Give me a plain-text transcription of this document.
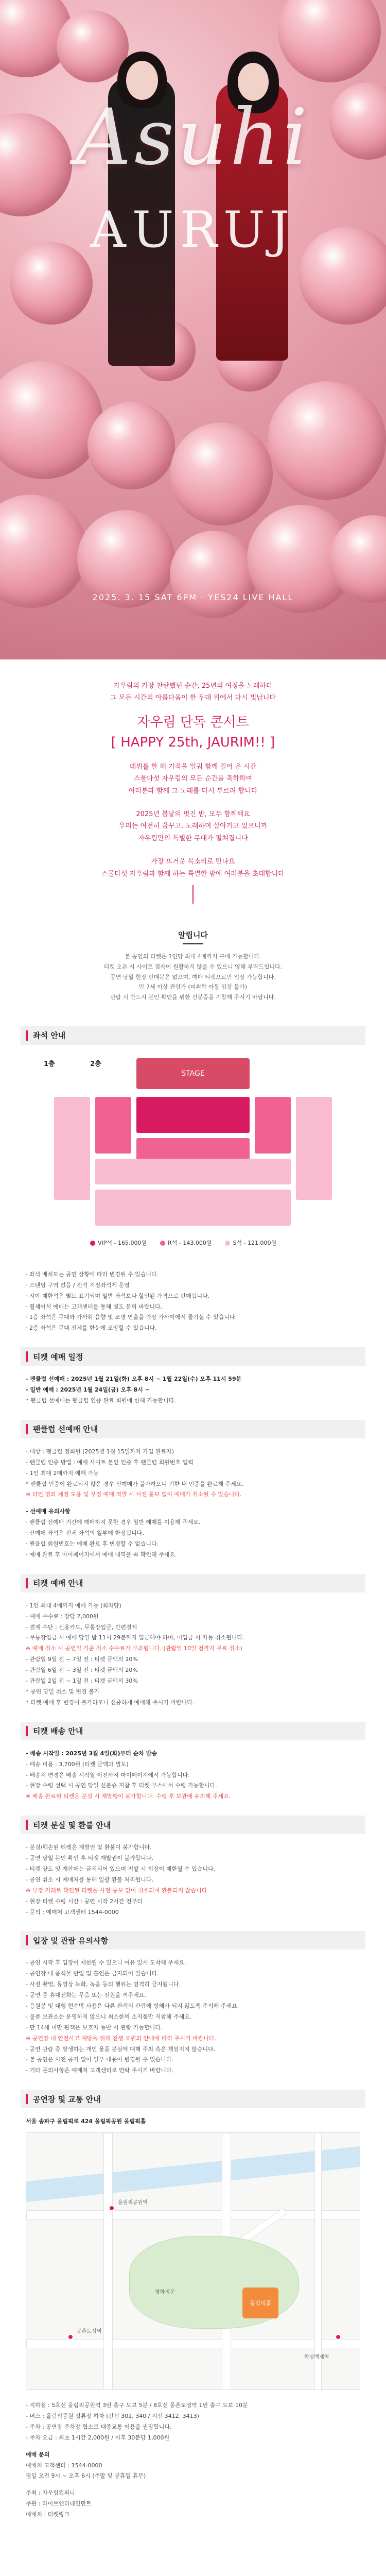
Asuhi
AURUJ
2025. 3. 15 SAT 6PM · YES24 LIVE HALL

자우림의 가장 찬란했던 순간, 25년의 여정을 노래하다

그 모든 시간의 아름다움이 한 무대 위에서 다시 빛납니다

자우림 단독 콘서트
[ HAPPY 25th, JAURIM!! ]

데뷔를 한 해 기적을 일궈 함께 걸어 온 시간

스물다섯 자우림의 모든 순간을 축하하며

여러분과 함께 그 노래를 다시 부르려 합니다

2025년 봄날의 멋진 밤, 모두 함께해요

우리는 여전히 꿈꾸고, 노래하며 살아가고 있으니까

자우림만의 특별한 무대가 펼쳐집니다

가장 뜨거운 목소리로 만나요

스물다섯 자우림과 함께 하는 특별한 밤에 여러분을 초대합니다

알립니다

본 공연의 티켓은 1인당 최대 4매까지 구매 가능합니다.

티켓 오픈 시 사이트 접속이 원활하지 않을 수 있으니 양해 부탁드립니다.

공연 당일 현장 판매분은 없으며, 예매 티켓으로만 입장 가능합니다.

만 7세 이상 관람가 (미취학 아동 입장 불가)

관람 시 반드시 본인 확인을 위한 신분증을 지참해 주시기 바랍니다.

좌석 안내
1층	2층
STAGE
VIP석 - 165,000원	R석 - 143,000원	S석 - 121,000원
· 좌석 배치도는 공연 상황에 따라 변경될 수 있습니다.
· 스탠딩 구역 없음 / 전석 지정좌석제 운영
· 시야 제한석은 별도 표기되며 일반 좌석보다 할인된 가격으로 판매됩니다.
· 휠체어석 예매는 고객센터를 통해 별도 문의 바랍니다.
· 1층 좌석은 무대와 가까워 음향 및 조명 연출을 가장 가까이에서 즐기실 수 있습니다.
· 2층 좌석은 무대 전체를 한눈에 조망할 수 있습니다.
티켓 예매 일정
- 팬클럽 선예매 : 2025년 1월 21일(화) 오후 8시 ~ 1월 22일(수) 오후 11시 59분
- 일반 예매 : 2025년 1월 24일(금) 오후 8시 ~
* 팬클럽 선예매는 팬클럽 인증 완료 회원에 한해 가능합니다.
팬클럽 선예매 안내
- 대상 : 팬클럽 정회원 (2025년 1월 15일까지 가입 완료자)
- 팬클럽 인증 방법 : 예매 사이트 본인 인증 후 팬클럽 회원번호 입력
- 1인 최대 2매까지 예매 가능
* 팬클럽 인증이 완료되지 않은 경우 선예매가 불가하오니 기한 내 인증을 완료해 주세요.
※ 타인 명의 계정 도용 및 부정 예매 적발 시 사전 통보 없이 예매가 취소될 수 있습니다.
- 선예매 유의사항
· 팬클럽 선예매 기간에 예매하지 못한 경우 일반 예매를 이용해 주세요.
· 선예매 좌석은 전체 좌석의 일부에 한정됩니다.
· 팬클럽 회원번호는 예매 완료 후 변경할 수 없습니다.
· 예매 완료 후 마이페이지에서 예매 내역을 꼭 확인해 주세요.
티켓 예매 안내
- 1인 최대 4매까지 예매 가능 (회차당)
- 예매 수수료 : 장당 2,000원
- 결제 수단 : 신용카드, 무통장입금, 간편결제
- 무통장입금 시 예매 당일 밤 11시 29분까지 입금해야 하며, 미입금 시 자동 취소됩니다.
※ 예매 취소 시 공연일 기준 취소 수수료가 부과됩니다. (관람일 10일 전까지 무료 취소)
- 관람일 9일 전 ~ 7일 전 : 티켓 금액의 10%
- 관람일 6일 전 ~ 3일 전 : 티켓 금액의 20%
- 관람일 2일 전 ~ 1일 전 : 티켓 금액의 30%
* 공연 당일 취소 및 변경 불가
* 티켓 예매 후 변경이 불가하오니 신중하게 예매해 주시기 바랍니다.
티켓 배송 안내
- 배송 시작일 : 2025년 3월 4일(화)부터 순차 발송
- 배송 비용 : 3,700원 (티켓 금액과 별도)
- 배송지 변경은 배송 시작일 이전까지 마이페이지에서 가능합니다.
- 현장 수령 선택 시 공연 당일 신분증 지참 후 티켓 부스에서 수령 가능합니다.
※ 배송 완료된 티켓은 분실 시 재발행이 불가합니다. 수령 후 보관에 유의해 주세요.
티켓 분실 및 환불 안내
- 분실/훼손된 티켓은 재발권 및 환불이 불가합니다.
- 공연 당일 본인 확인 후 티켓 재발권이 불가합니다.
- 티켓 양도 및 재판매는 금지되어 있으며 적발 시 입장이 제한될 수 있습니다.
- 공연 취소 시 예매처를 통해 일괄 환불 처리됩니다.
※ 부정 거래로 확인된 티켓은 사전 통보 없이 취소되며 환불되지 않습니다.
- 현장 티켓 수령 시간 : 공연 시작 2시간 전부터
- 문의 : 예매처 고객센터 1544-0000
입장 및 관람 유의사항
- 공연 시작 후 입장이 제한될 수 있으니 여유 있게 도착해 주세요.
- 공연장 내 음식물 반입 및 흡연은 금지되어 있습니다.
- 사진 촬영, 동영상 녹화, 녹음 등의 행위는 엄격히 금지됩니다.
- 공연 중 휴대전화는 무음 또는 전원을 꺼주세요.
- 응원봉 및 대형 현수막 사용은 다른 관객의 관람에 방해가 되지 않도록 주의해 주세요.
- 물품 보관소는 운영하지 않으니 최소한의 소지품만 지참해 주세요.
- 만 14세 미만 관객은 보호자 동반 시 관람 가능합니다.
※ 공연장 내 안전사고 예방을 위해 진행 요원의 안내에 따라 주시기 바랍니다.
- 공연 관람 중 발생하는 개인 물품 분실에 대해 주최 측은 책임지지 않습니다.
- 본 공연은 사전 공지 없이 일부 내용이 변경될 수 있습니다.
- 기타 문의사항은 예매처 고객센터로 연락 주시기 바랍니다.
공연장 및 교통 안내
서울 송파구 올림픽로 424 올림픽공원 올림픽홀
올림픽홀
올림픽공원역
몽촌토성역
한성백제역
평화의문
- 지하철 : 5호선 올림픽공원역 3번 출구 도보 5분 / 8호선 몽촌토성역 1번 출구 도보 10분
- 버스 : 올림픽공원 정류장 하차 (간선 301, 340 / 지선 3412, 3413)
- 주차 : 공연장 주차장 협소로 대중교통 이용을 권장합니다.
- 주차 요금 : 최초 1시간 2,000원 / 이후 30분당 1,000원
예매 문의
예매처 고객센터 : 1544-0000
평일 오전 9시 ~ 오후 6시 (주말 및 공휴일 휴무)
주최 : 자우림컴퍼니
주관 : 라이브엔터테인먼트
예매처 : 티켓링크
